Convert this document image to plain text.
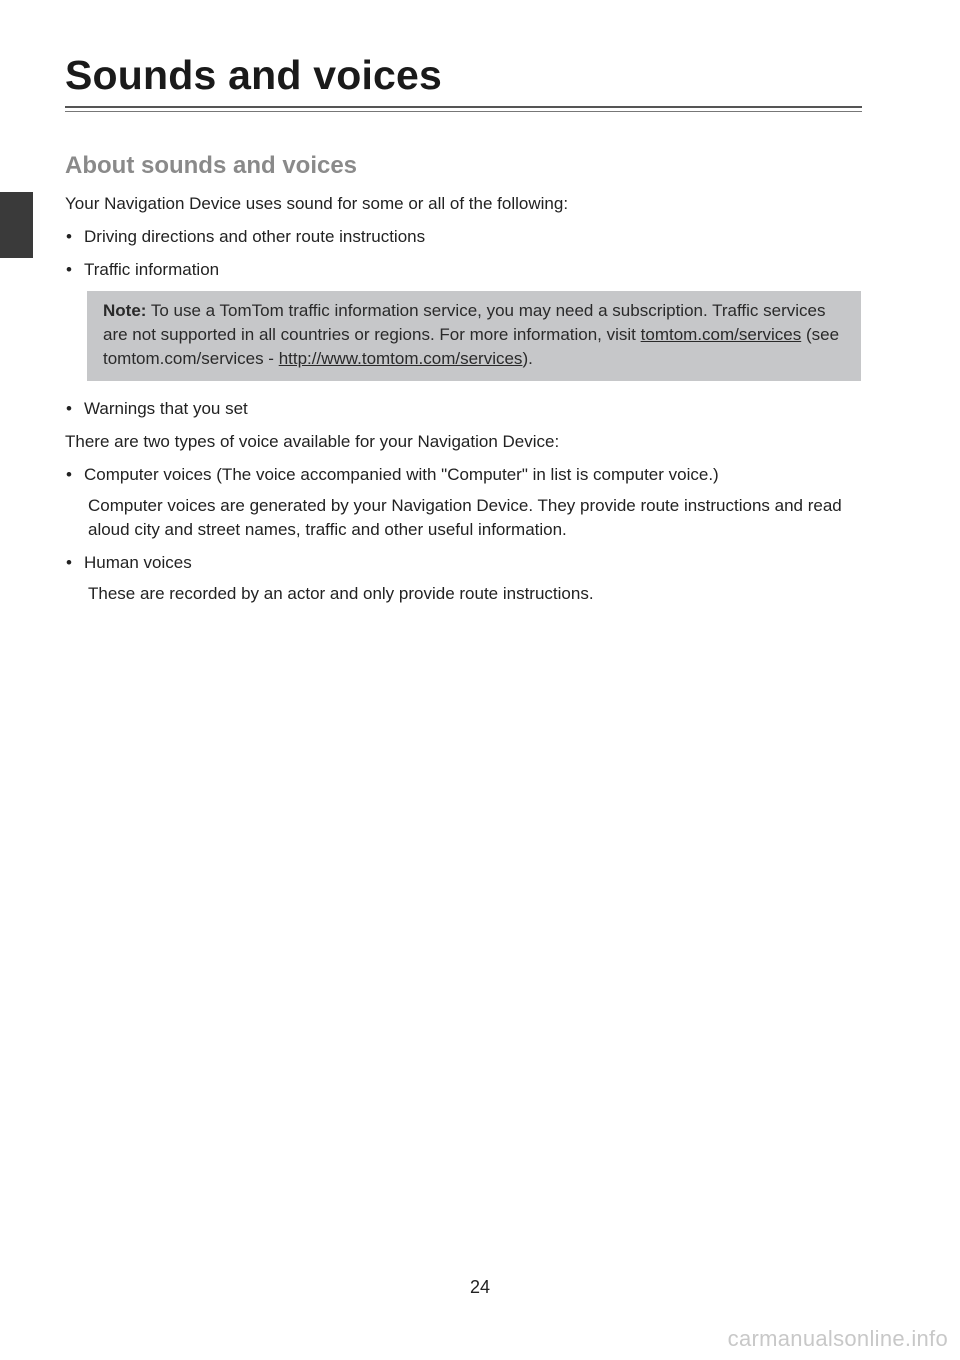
Sounds and voices
About sounds and voices

Your Navigation Device uses sound for some or all of the following:

• Driving directions and other route instructions
• Traffic information

Note: To use a TomTom traffic information service, you may need a subscription. Traffic services are not supported in all countries or regions. For more information, visit tomtom.com/services (see tomtom.com/services - http://www.tomtom.com/services).

• Warnings that you set

There are two types of voice available for your Navigation Device:

• Computer voices (The voice accompanied with "Computer" in list is computer voice.)

Computer voices are generated by your Navigation Device. They provide route instructions and read aloud city and street names, traffic and other useful information.

• Human voices

These are recorded by an actor and only provide route instructions.

24
carmanualsonline.info
